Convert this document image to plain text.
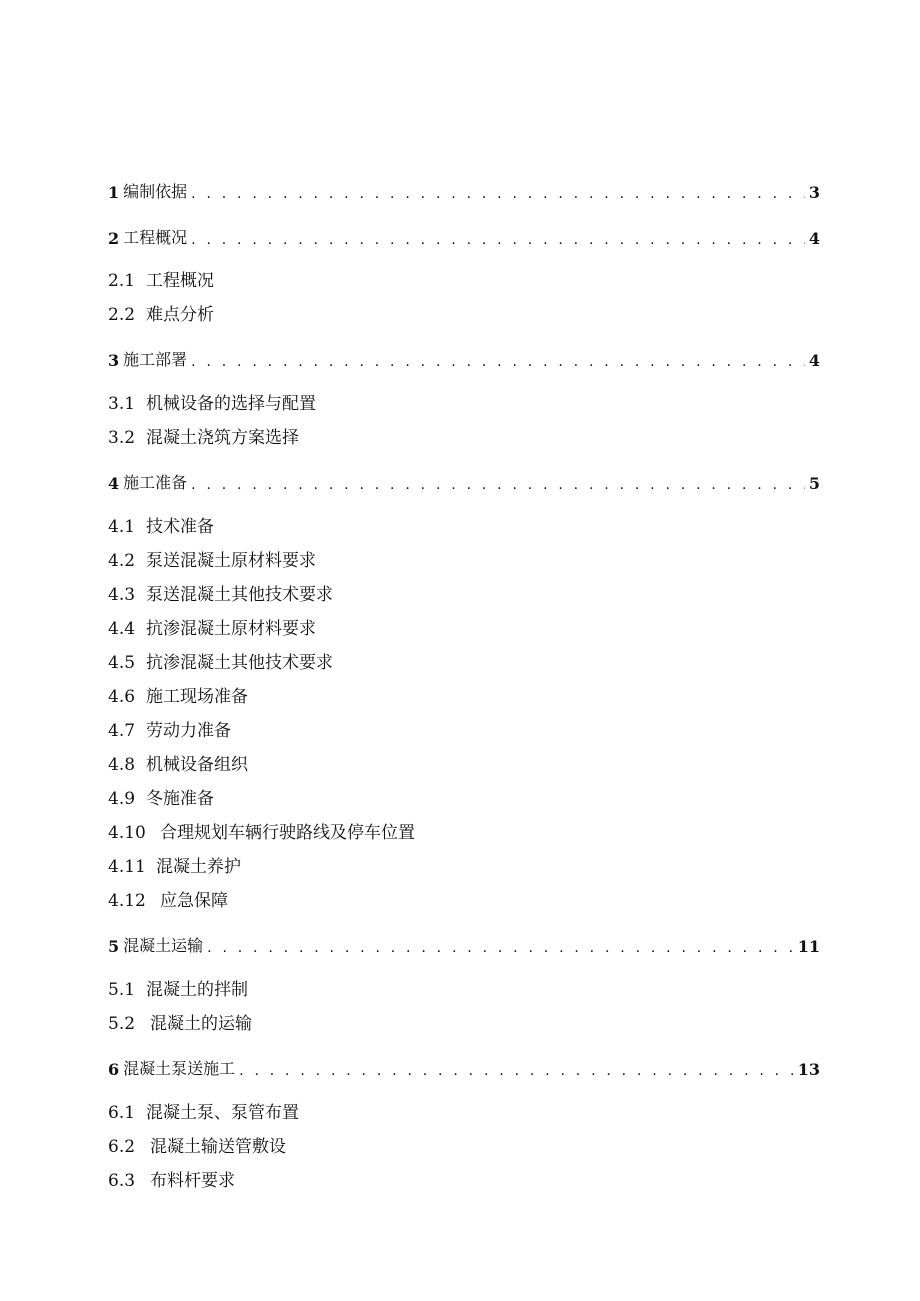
1 编制依据 . . .	3
2 工程概况 . . .	4
2.1 工程概况
2.2 难点分析
3 施工部署 . . .	4
3.1 机械设备的选择与配置
3.2 混凝土浇筑方案选择
4 施工准备 . . .	5
4.1 技术准备
4.2 泵送混凝土原材料要求
4.3 泵送混凝土其他技术要求
4.4 抗渗混凝土原材料要求
4.5 抗渗混凝土其他技术要求
4.6 施工现场准备
4.7 劳动力准备
4.8 机械设备组织
4.9 冬施准备
4.10 合理规划车辆行驶路线及停车位置
4.11 混凝土养护
4.12 应急保障
5 混凝土运输 . . .	11
5.1 混凝土的拌制
5.2 混凝土的运输
6 混凝土泵送施工 . . .	13
6.1 混凝土泵、泵管布置
6.2 混凝土输送管敷设
6.3 布料杆要求
